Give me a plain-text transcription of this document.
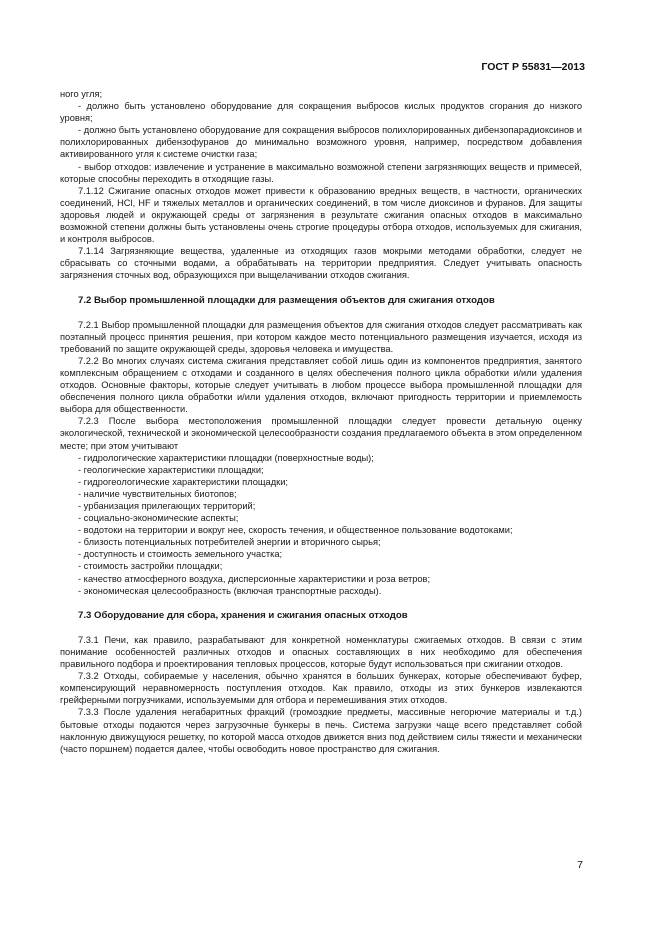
ГОСТ Р 55831—2013

ного угля;

- должно быть установлено оборудование для сокращения выбросов кислых продуктов сгорания до низкого уровня;

- должно быть установлено оборудование для сокращения выбросов полихлорированных дибензопарадиоксинов и полихлорированных дибензофуранов до минимально возможного уровня, например, посредством добавления активированного угля к системе очистки газа;

- выбор отходов: извлечение и устранение в максимально возможной степени загрязняющих веществ и примесей, которые способны переходить в отходящие газы.

7.1.12 Сжигание опасных отходов может привести к образованию вредных веществ, в частности, органических соединений, HCl, HF и тяжелых металлов и органических соединений, в том числе диоксинов и фуранов. Для защиты здоровья людей и окружающей среды от загрязнения в результате сжигания опасных отходов в максимально возможной степени должны быть установлены очень строгие процедуры отбора отходов, используемых для сжигания, и контроля выбросов.

7.1.14 Загрязняющие вещества, удаленные из отходящих газов мокрыми методами обработки, следует не сбрасывать со сточными водами, а обрабатывать на территории предприятия. Следует учитывать опасность загрязнения сточных вод, образующихся при выщелачивании отходов сжигания.

7.2 Выбор промышленной площадки для размещения объектов для сжигания отходов

7.2.1 Выбор промышленной площадки для размещения объектов для сжигания отходов следует рассматривать как поэтапный процесс принятия решения, при котором каждое место потенциального размещения изучается, исходя из требований по защите окружающей среды, здоровья человека и имущества.

7.2.2 Во многих случаях система сжигания представляет собой лишь один из компонентов предприятия, занятого комплексным обращением с отходами и созданного в целях обеспечения полного цикла обработки и/или удаления отходов. Основные факторы, которые следует учитывать в любом процессе выбора промышленной площадки для обеспечения полного цикла обработки и/или удаления отходов, включают пригодность территории и приемлемость выбора для общественности.

7.2.3 После выбора местоположения промышленной площадки следует провести детальную оценку экологической, технической и экономической целесообразности создания предлагаемого объекта в этом определенном месте; при этом учитывают

- гидрологические характеристики площадки (поверхностные воды);
- геологические характеристики площадки;
- гидрогеологические характеристики площадки;
- наличие чувствительных биотопов;
- урбанизация прилегающих территорий;
- социально-экономические аспекты;
- водотоки на территории и вокруг нее, скорость течения, и общественное пользование водотоками;
- близость потенциальных потребителей энергии и вторичного сырья;
- доступность и стоимость земельного участка;
- стоимость застройки площадки;
- качество атмосферного воздуха, дисперсионные характеристики и роза ветров;
- экономическая целесообразность (включая транспортные расходы).

7.3 Оборудование для сбора, хранения и сжигания опасных отходов

7.3.1 Печи, как правило, разрабатывают для конкретной номенклатуры сжигаемых отходов. В связи с этим понимание особенностей различных отходов и опасных составляющих в них необходимо для обеспечения правильного подбора и проектирования тепловых процессов, которые будут использоваться при сжигании отходов.

7.3.2 Отходы, собираемые у населения, обычно хранятся в больших бункерах, которые обеспечивают буфер, компенсирующий неравномерность поступления отходов. Как правило, отходы из этих бункеров извлекаются грейферными погрузчиками, используемыми для отбора и перемешивания этих отходов.

7.3.3 После удаления негабаритных фракций (громоздкие предметы, массивные негорючие материалы и т.д.) бытовые отходы подаются через загрузочные бункеры в печь. Система загрузки чаще всего представляет собой наклонную движущуюся решетку, по которой масса отходов движется вниз под действием силы тяжести и механически (часто поршнем) подается далее, чтобы освободить новое пространство для сжигания.

7
